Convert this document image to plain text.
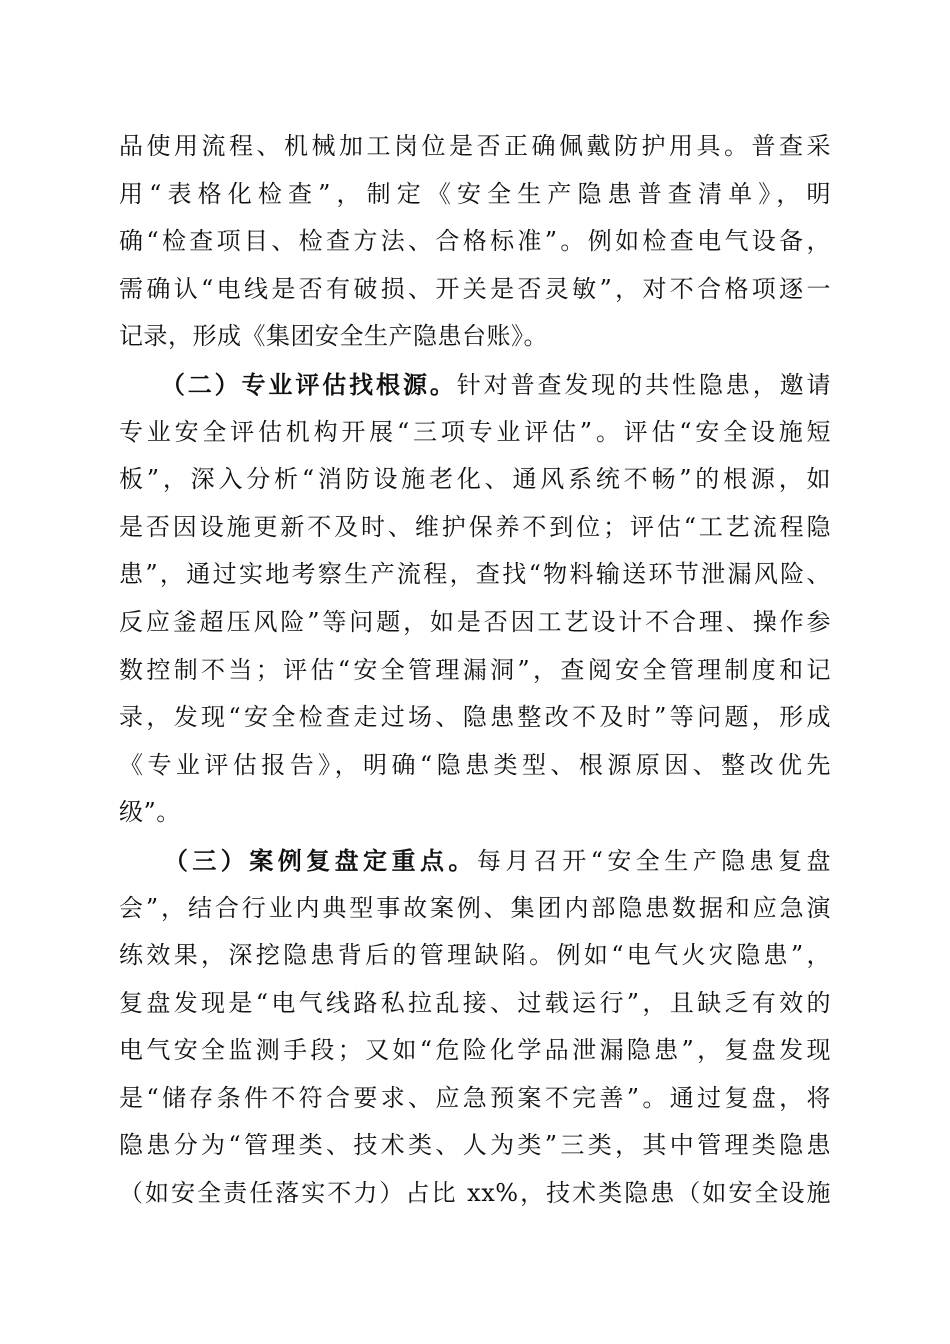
品使用流程、机械加工岗位是否正确佩戴防护用具。普查采
用“表格化检查”，制定《安全生产隐患普查清单》，明
确“检查项目、检查方法、合格标准”。例如检查电气设备，
需确认“电线是否有破损、开关是否灵敏”，对不合格项逐一
记录，形成《集团安全生产隐患台账》。
　　（二）专业评估找根源。针对普查发现的共性隐患，邀请
专业安全评估机构开展“三项专业评估”。评估“安全设施短
板”，深入分析“消防设施老化、通风系统不畅”的根源，如
是否因设施更新不及时、维护保养不到位；评估“工艺流程隐
患”，通过实地考察生产流程，查找“物料输送环节泄漏风险、
反应釜超压风险”等问题，如是否因工艺设计不合理、操作参
数控制不当；评估“安全管理漏洞”，查阅安全管理制度和记
录，发现“安全检查走过场、隐患整改不及时”等问题，形成
《专业评估报告》，明确“隐患类型、根源原因、整改优先
级”。
　　（三）案例复盘定重点。每月召开“安全生产隐患复盘
会”，结合行业内典型事故案例、集团内部隐患数据和应急演
练效果，深挖隐患背后的管理缺陷。例如“电气火灾隐患”，
复盘发现是“电气线路私拉乱接、过载运行”，且缺乏有效的
电气安全监测手段；又如“危险化学品泄漏隐患”，复盘发现
是“储存条件不符合要求、应急预案不完善”。通过复盘，将
隐患分为“管理类、技术类、人为类”三类，其中管理类隐患
（如安全责任落实不力）占比 xx%，技术类隐患（如安全设施
